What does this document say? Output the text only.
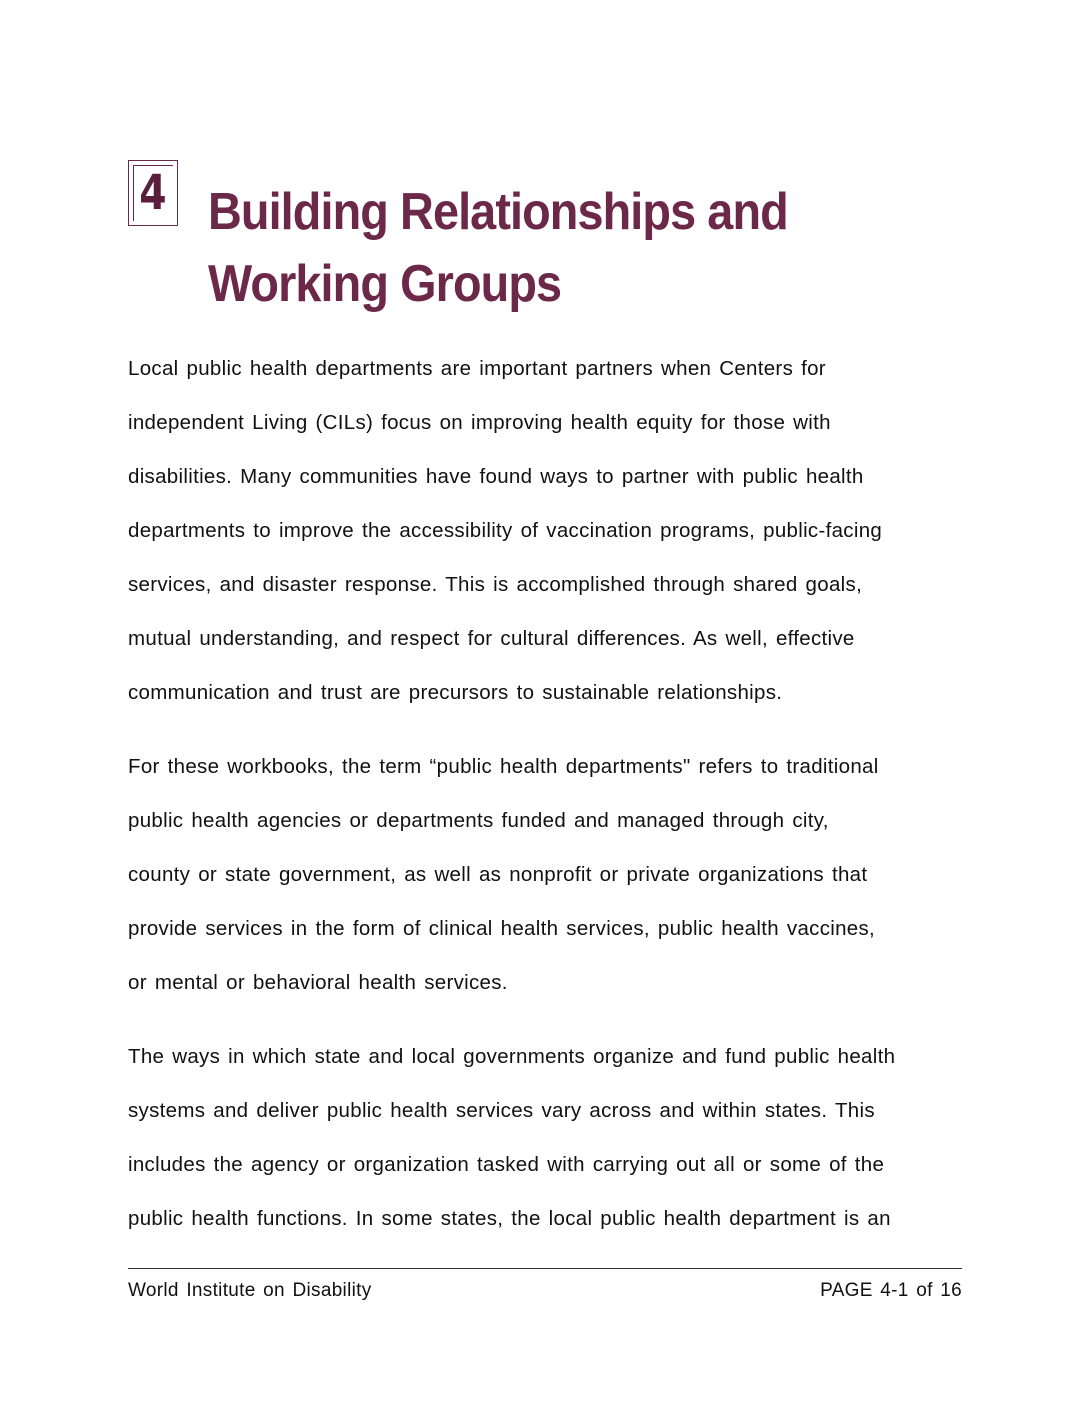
4 Building Relationships and
Working Groups

Local public health departments are important partners when Centers for
independent Living (CILs) focus on improving health equity for those with
disabilities. Many communities have found ways to partner with public health
departments to improve the accessibility of vaccination programs, public-facing
services, and disaster response. This is accomplished through shared goals,
mutual understanding, and respect for cultural differences. As well, effective
communication and trust are precursors to sustainable relationships.

For these workbooks, the term “public health departments" refers to traditional
public health agencies or departments funded and managed through city,
county or state government, as well as nonprofit or private organizations that
provide services in the form of clinical health services, public health vaccines,
or mental or behavioral health services.

The ways in which state and local governments organize and fund public health
systems and deliver public health services vary across and within states. This
includes the agency or organization tasked with carrying out all or some of the
public health functions. In some states, the local public health department is an

World Institute on Disability	PAGE 4-1 of 16
